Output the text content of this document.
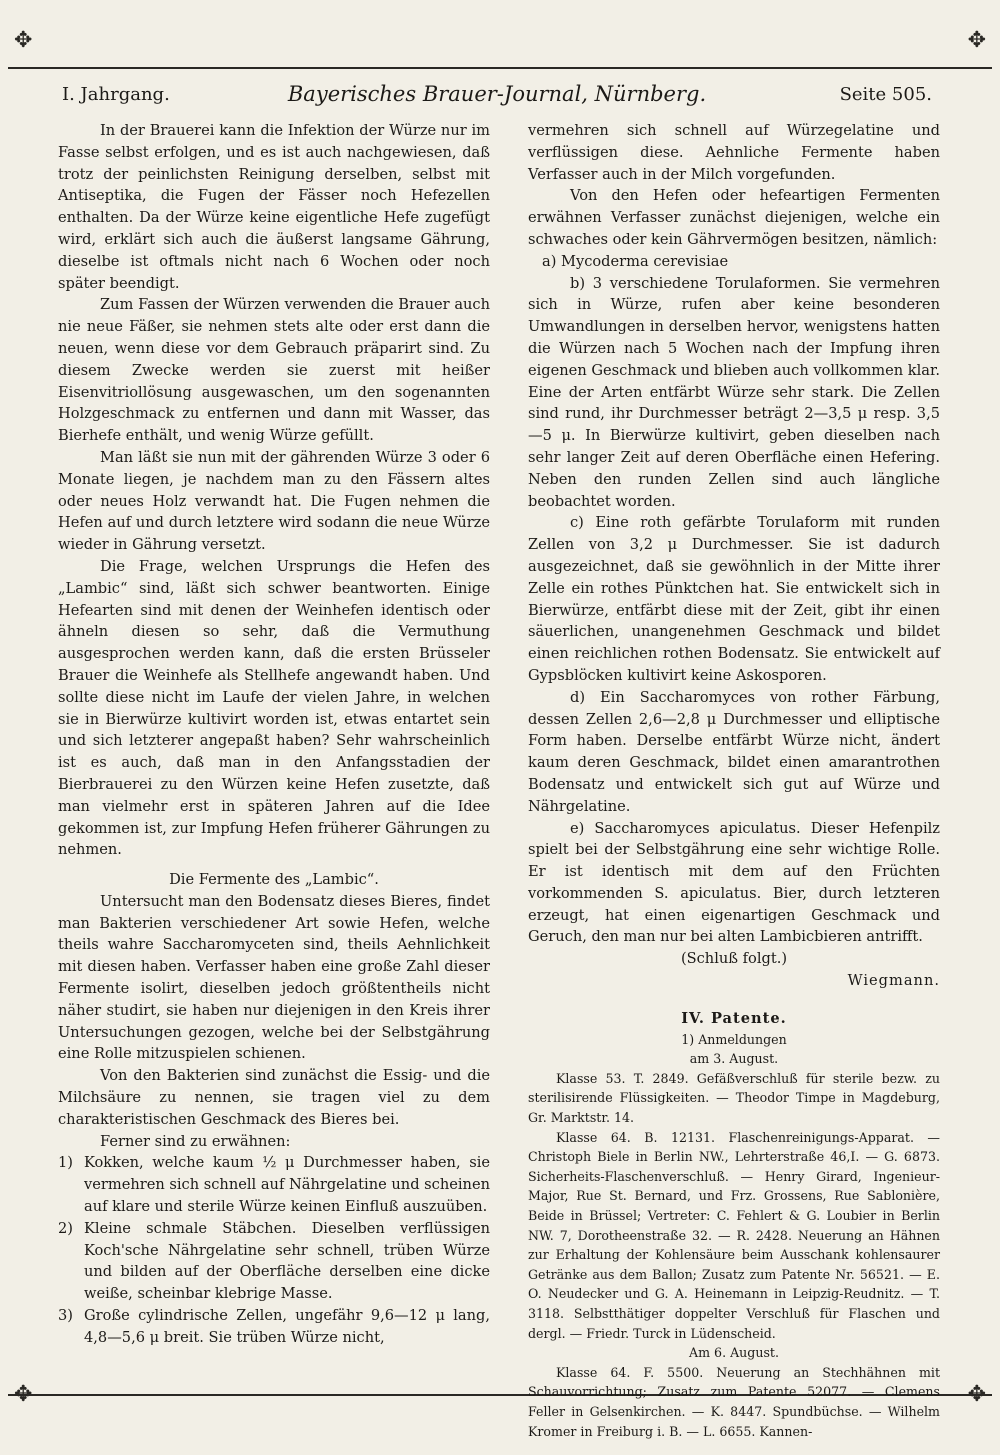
✥	✥
✥	✥
I. Jahrgang.	Bayerisches Brauer-Journal, Nürnberg.	Seite 505.

In der Brauerei kann die Infektion der Würze nur im Fasse selbst erfolgen, und es ist auch nachgewiesen, daß trotz der peinlichsten Reinigung derselben, selbst mit Antiseptika, die Fugen der Fässer noch Hefezellen enthalten. Da der Würze keine eigentliche Hefe zugefügt wird, erklärt sich auch die äußerst langsame Gährung, dieselbe ist oftmals nicht nach 6 Wochen oder noch später beendigt.

Zum Fassen der Würzen verwenden die Brauer auch nie neue Fäßer, sie nehmen stets alte oder erst dann die neuen, wenn diese vor dem Gebrauch präparirt sind. Zu diesem Zwecke werden sie zuerst mit heißer Eisenvitriollösung ausgewaschen, um den sogenannten Holzgeschmack zu entfernen und dann mit Wasser, das Bierhefe enthält, und wenig Würze gefüllt.

Man läßt sie nun mit der gährenden Würze 3 oder 6 Monate liegen, je nachdem man zu den Fässern altes oder neues Holz verwandt hat. Die Fugen nehmen die Hefen auf und durch letztere wird sodann die neue Würze wieder in Gährung versetzt.

Die Frage, welchen Ursprungs die Hefen des „Lambic“ sind, läßt sich schwer beantworten. Einige Hefearten sind mit denen der Weinhefen identisch oder ähneln diesen so sehr, daß die Vermuthung ausgesprochen werden kann, daß die ersten Brüsseler Brauer die Weinhefe als Stellhefe angewandt haben. Und sollte diese nicht im Laufe der vielen Jahre, in welchen sie in Bierwürze kultivirt worden ist, etwas entartet sein und sich letzterer angepaßt haben? Sehr wahrscheinlich ist es auch, daß man in den Anfangsstadien der Bierbrauerei zu den Würzen keine Hefen zusetzte, daß man vielmehr erst in späteren Jahren auf die Idee gekommen ist, zur Impfung Hefen früherer Gährungen zu nehmen.

Die Fermente des „Lambic“.

Untersucht man den Bodensatz dieses Bieres, findet man Bakterien verschiedener Art sowie Hefen, welche theils wahre Saccharomyceten sind, theils Aehnlichkeit mit diesen haben. Verfasser haben eine große Zahl dieser Fermente isolirt, dieselben jedoch größtentheils nicht näher studirt, sie haben nur diejenigen in den Kreis ihrer Untersuchungen gezogen, welche bei der Selbstgährung eine Rolle mitzuspielen schienen.

Von den Bakterien sind zunächst die Essig- und die Milchsäure zu nennen, sie tragen viel zu dem charakteristischen Geschmack des Bieres bei.

Ferner sind zu erwähnen:

1) Kokken, welche kaum ½ μ Durchmesser haben, sie vermehren sich schnell auf Nährgelatine und scheinen auf klare und sterile Würze keinen Einfluß auszuüben.
2) Kleine schmale Stäbchen. Dieselben verflüssigen Koch'sche Nährgelatine sehr schnell, trüben Würze und bilden auf der Oberfläche derselben eine dicke weiße, scheinbar klebrige Masse.
3) Große cylindrische Zellen, ungefähr 9,6—12 μ lang, 4,8—5,6 μ breit. Sie trüben Würze nicht,

vermehren sich schnell auf Würzegelatine und verflüssigen diese. Aehnliche Fermente haben Verfasser auch in der Milch vorgefunden.

Von den Hefen oder hefeartigen Fermenten erwähnen Verfasser zunächst diejenigen, welche ein schwaches oder kein Gährvermögen besitzen, nämlich:

a) Mycoderma cerevisiae

b) 3 verschiedene Torulaformen. Sie vermehren sich in Würze, rufen aber keine besonderen Umwandlungen in derselben hervor, wenigstens hatten die Würzen nach 5 Wochen nach der Impfung ihren eigenen Geschmack und blieben auch vollkommen klar. Eine der Arten entfärbt Würze sehr stark. Die Zellen sind rund, ihr Durchmesser beträgt 2—3,5 μ resp. 3,5—5 μ. In Bierwürze kultivirt, geben dieselben nach sehr langer Zeit auf deren Oberfläche einen Hefering. Neben den runden Zellen sind auch längliche beobachtet worden.

c) Eine roth gefärbte Torulaform mit runden Zellen von 3,2 μ Durchmesser. Sie ist dadurch ausgezeichnet, daß sie gewöhnlich in der Mitte ihrer Zelle ein rothes Pünktchen hat. Sie entwickelt sich in Bierwürze, entfärbt diese mit der Zeit, gibt ihr einen säuerlichen, unangenehmen Geschmack und bildet einen reichlichen rothen Bodensatz. Sie entwickelt auf Gypsblöcken kultivirt keine Askosporen.

d) Ein Saccharomyces von rother Färbung, dessen Zellen 2,6—2,8 μ Durchmesser und elliptische Form haben. Derselbe entfärbt Würze nicht, ändert kaum deren Geschmack, bildet einen amarantrothen Bodensatz und entwickelt sich gut auf Würze und Nährgelatine.

e) Saccharomyces apiculatus. Dieser Hefenpilz spielt bei der Selbstgährung eine sehr wichtige Rolle. Er ist identisch mit dem auf den Früchten vorkommenden S. apiculatus. Bier, durch letzteren erzeugt, hat einen eigenartigen Geschmack und Geruch, den man nur bei alten Lambicbieren antrifft.

(Schluß folgt.)

Wiegmann.

IV. Patente.

1) Anmeldungen

am 3. August.

Klasse 53. T. 2849. Gefäßverschluß für sterile bezw. zu sterilisirende Flüssigkeiten. — Theodor Timpe in Magdeburg, Gr. Marktstr. 14.

Klasse 64. B. 12131. Flaschenreinigungs-Apparat. — Christoph Biele in Berlin NW., Lehrterstraße 46,I. — G. 6873. Sicherheits-Flaschenverschluß. — Henry Girard, Ingenieur-Major, Rue St. Bernard, und Frz. Grossens, Rue Sablonière, Beide in Brüssel; Vertreter: C. Fehlert & G. Loubier in Berlin NW. 7, Dorotheenstraße 32. — R. 2428. Neuerung an Hähnen zur Erhaltung der Kohlensäure beim Ausschank kohlensaurer Getränke aus dem Ballon; Zusatz zum Patente Nr. 56521. — E. O. Neudecker und G. A. Heinemann in Leipzig-Reudnitz. — T. 3118. Selbstthätiger doppelter Verschluß für Flaschen und dergl. — Friedr. Turck in Lüdenscheid.

Am 6. August.

Klasse 64. F. 5500. Neuerung an Stechhähnen mit Schauvorrichtung; Zusatz zum Patente 52077. — Clemens Feller in Gelsenkirchen. — K. 8447. Spundbüchse. — Wilhelm Kromer in Freiburg i. B. — L. 6655. Kannen-
